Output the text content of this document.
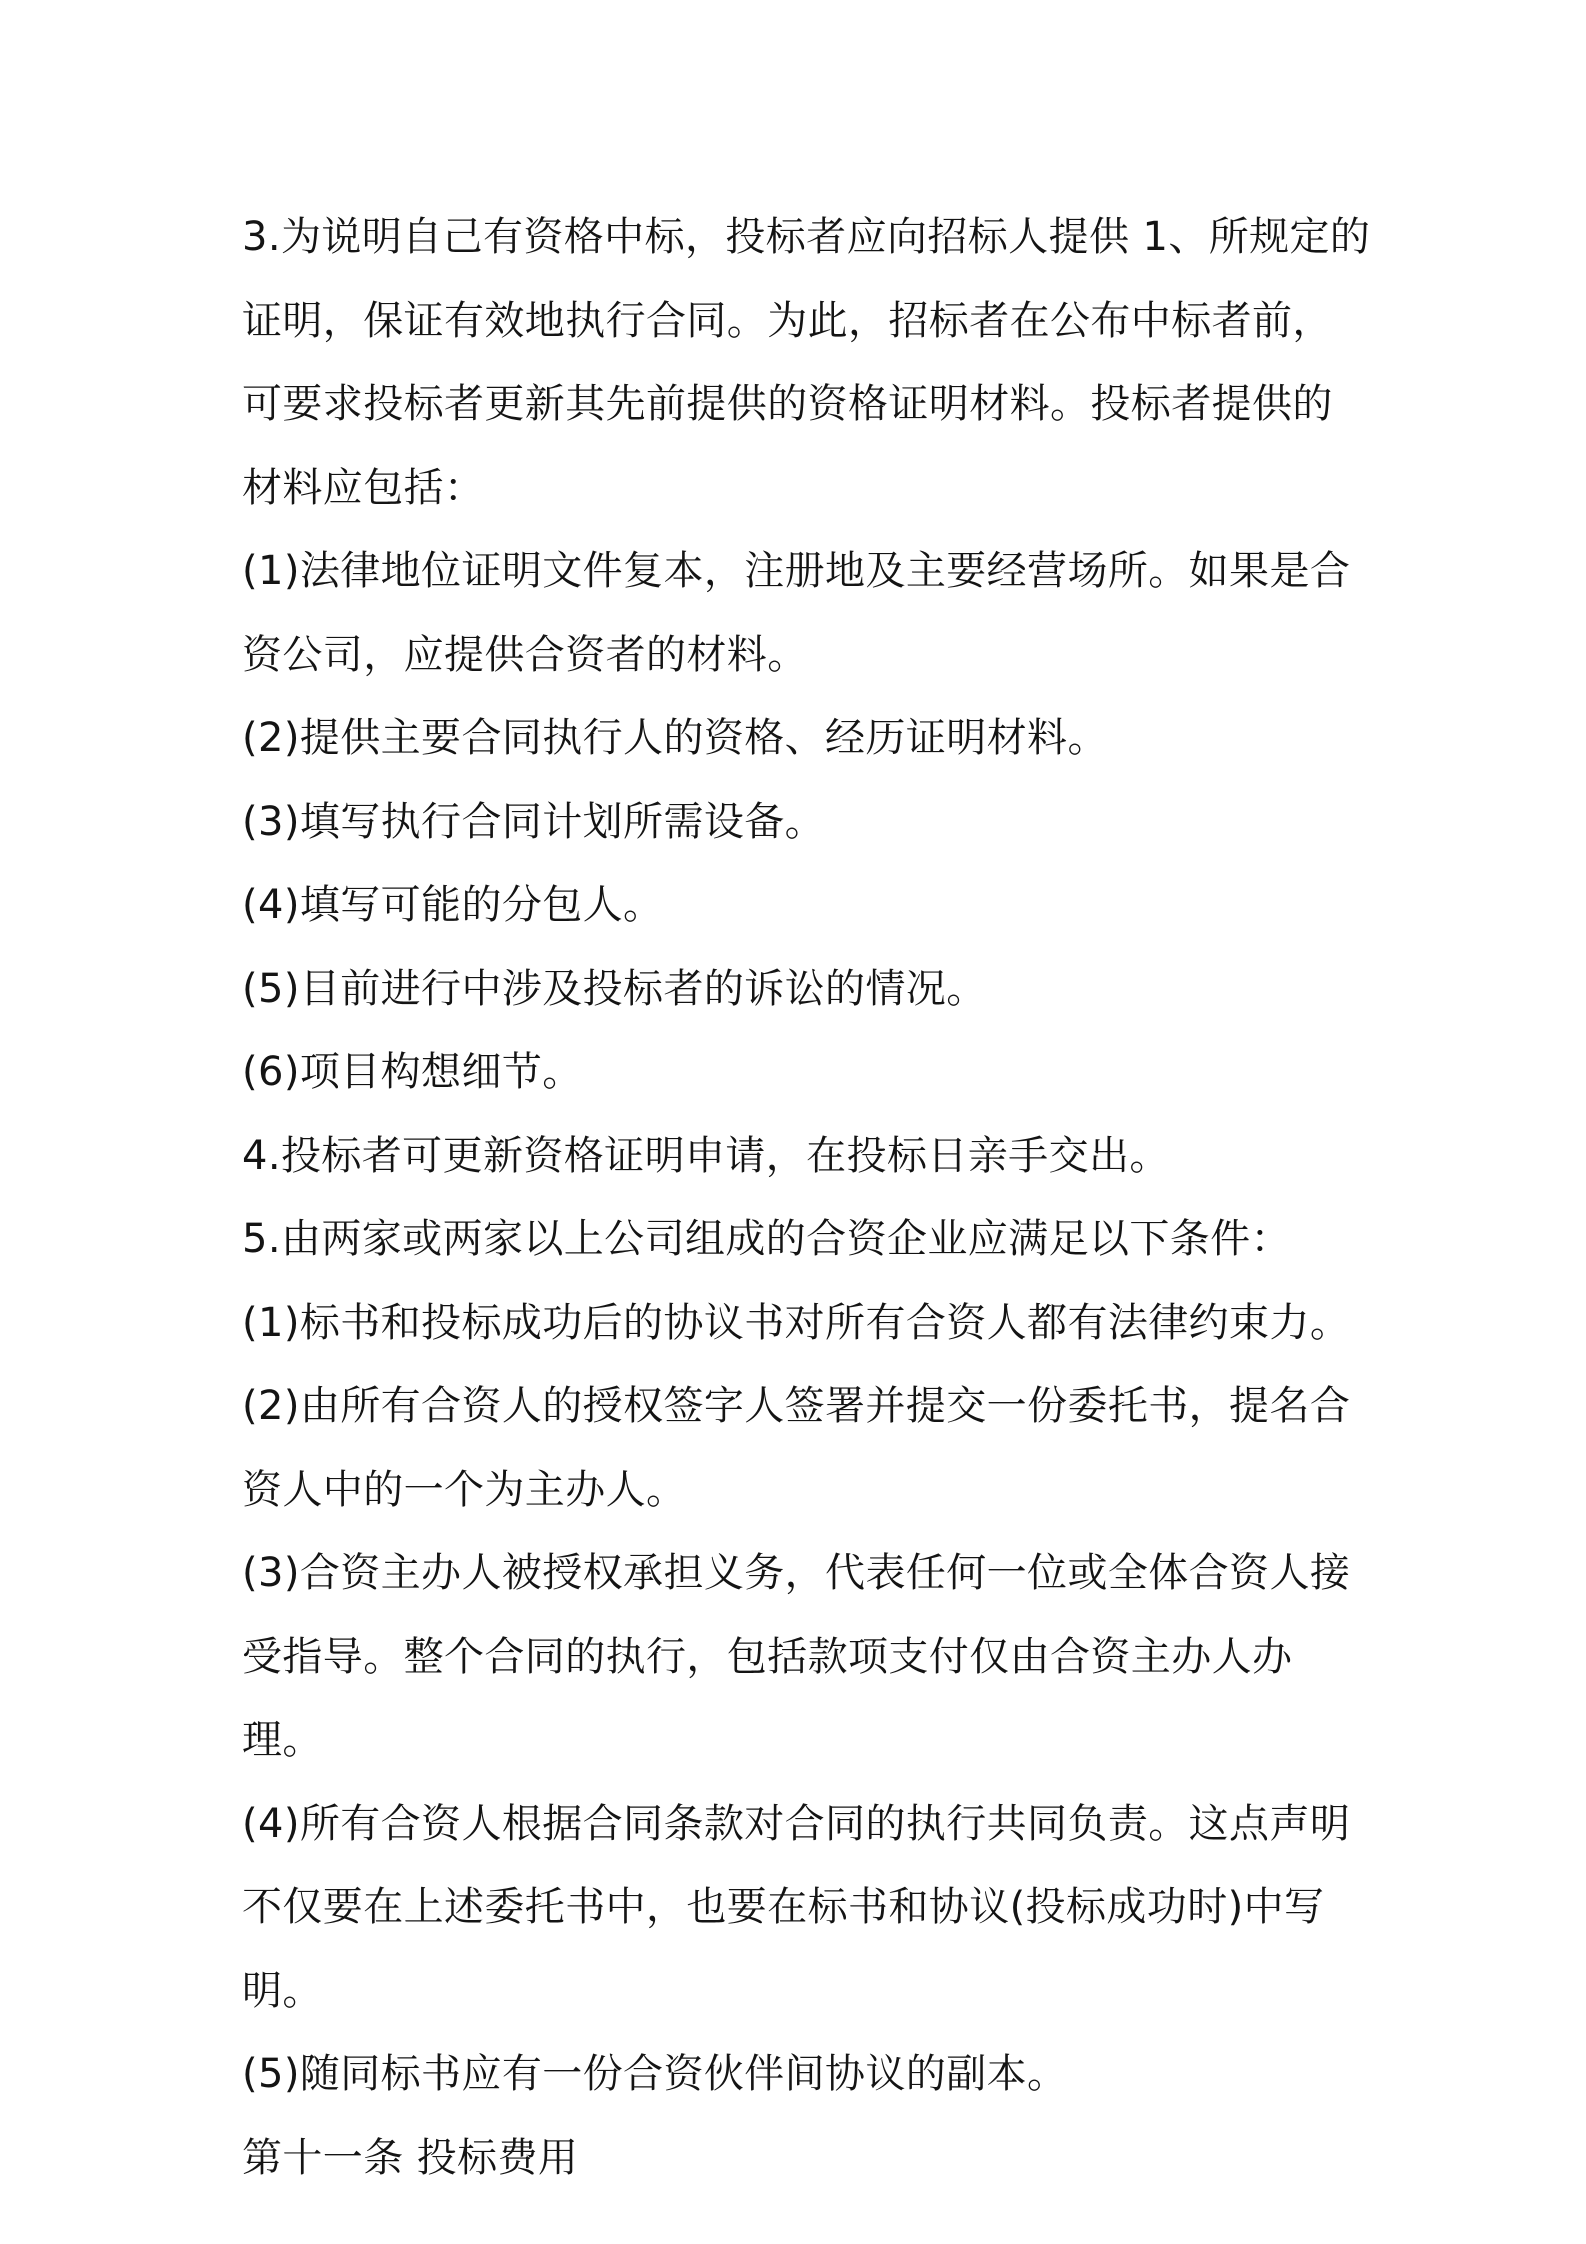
3.为说明自己有资格中标，投标者应向招标人提供 1、所规定的证明，保证有效地执行合同。为此，招标者在公布中标者前，可要求投标者更新其先前提供的资格证明材料。投标者提供的材料应包括：

(1)法律地位证明文件复本，注册地及主要经营场所。如果是合资公司，应提供合资者的材料。

(2)提供主要合同执行人的资格、经历证明材料。

(3)填写执行合同计划所需设备。

(4)填写可能的分包人。

(5)目前进行中涉及投标者的诉讼的情况。

(6)项目构想细节。

4.投标者可更新资格证明申请，在投标日亲手交出。

5.由两家或两家以上公司组成的合资企业应满足以下条件：

(1)标书和投标成功后的协议书对所有合资人都有法律约束力。

(2)由所有合资人的授权签字人签署并提交一份委托书，提名合资人中的一个为主办人。

(3)合资主办人被授权承担义务，代表任何一位或全体合资人接受指导。整个合同的执行，包括款项支付仅由合资主办人办理。

(4)所有合资人根据合同条款对合同的执行共同负责。这点声明不仅要在上述委托书中，也要在标书和协议(投标成功时)中写明。

(5)随同标书应有一份合资伙伴间协议的副本。

第十一条 投标费用
